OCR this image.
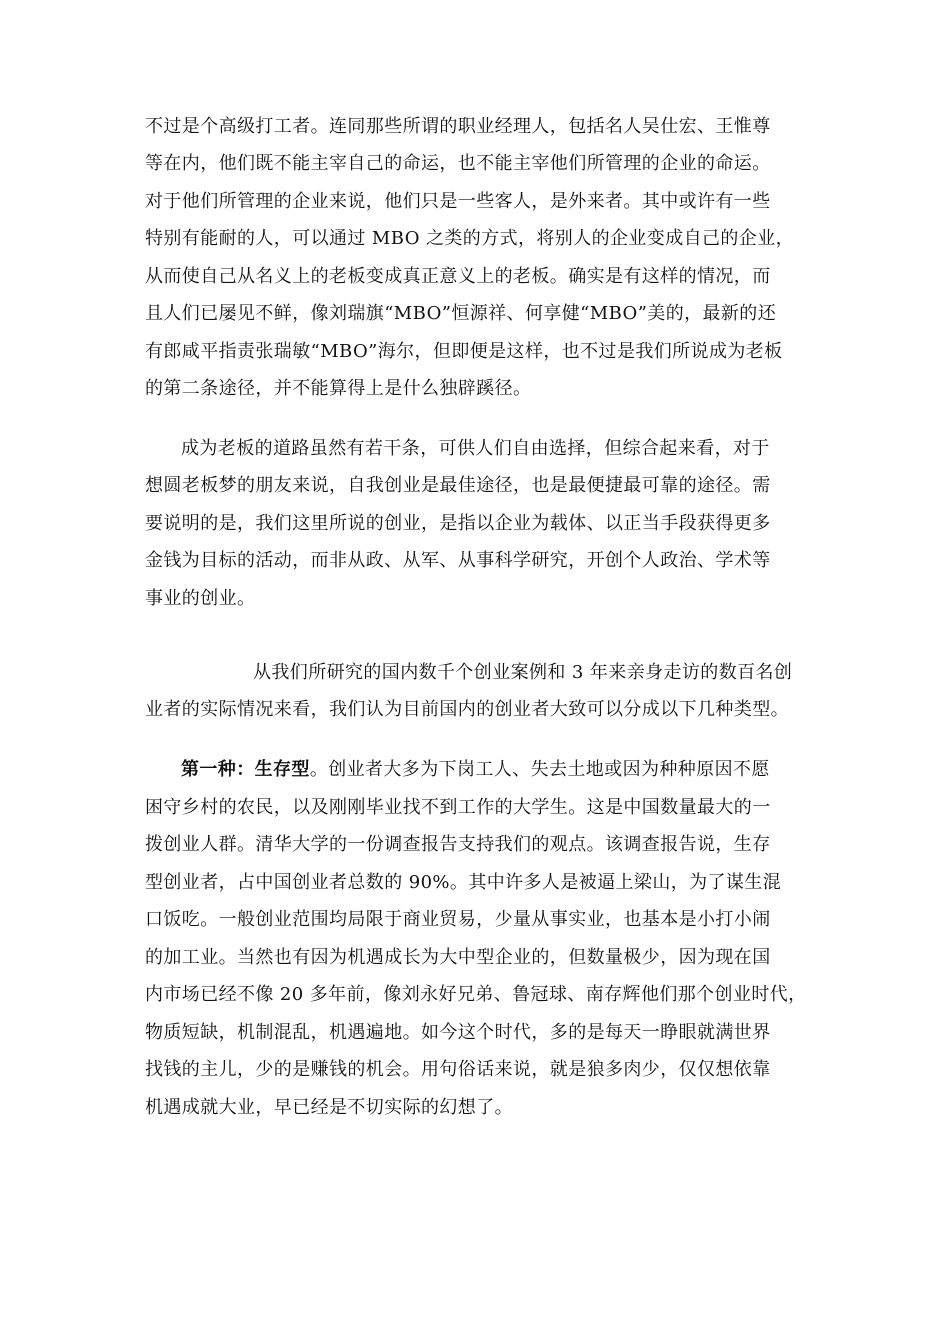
不过是个高级打工者。连同那些所谓的职业经理人，包括名人吴仕宏、王惟尊
等在内，他们既不能主宰自己的命运，也不能主宰他们所管理的企业的命运。
对于他们所管理的企业来说，他们只是一些客人，是外来者。其中或许有一些
特别有能耐的人，可以通过 MBO 之类的方式，将别人的企业变成自己的企业，
从而使自己从名义上的老板变成真正意义上的老板。确实是有这样的情况，而
且人们已屡见不鲜，像刘瑞旗“MBO”恒源祥、何享健“MBO”美的，最新的还
有郎咸平指责张瑞敏“MBO”海尔，但即便是这样，也不过是我们所说成为老板
的第二条途径，并不能算得上是什么独辟蹊径。
成为老板的道路虽然有若干条，可供人们自由选择，但综合起来看，对于
想圆老板梦的朋友来说，自我创业是最佳途径，也是最便捷最可靠的途径。需
要说明的是，我们这里所说的创业，是指以企业为载体、以正当手段获得更多
金钱为目标的活动，而非从政、从军、从事科学研究，开创个人政治、学术等
事业的创业。
从我们所研究的国内数千个创业案例和 3 年来亲身走访的数百名创
业者的实际情况来看，我们认为目前国内的创业者大致可以分成以下几种类型。
第一种：生存型。创业者大多为下岗工人、失去土地或因为种种原因不愿
困守乡村的农民，以及刚刚毕业找不到工作的大学生。这是中国数量最大的一
拨创业人群。清华大学的一份调查报告支持我们的观点。该调查报告说，生存
型创业者，占中国创业者总数的 90%。其中许多人是被逼上梁山，为了谋生混
口饭吃。一般创业范围均局限于商业贸易，少量从事实业，也基本是小打小闹
的加工业。当然也有因为机遇成长为大中型企业的，但数量极少，因为现在国
内市场已经不像 20 多年前，像刘永好兄弟、鲁冠球、南存辉他们那个创业时代，
物质短缺，机制混乱，机遇遍地。如今这个时代，多的是每天一睁眼就满世界
找钱的主儿，少的是赚钱的机会。用句俗话来说，就是狼多肉少，仅仅想依靠
机遇成就大业，早已经是不切实际的幻想了。
